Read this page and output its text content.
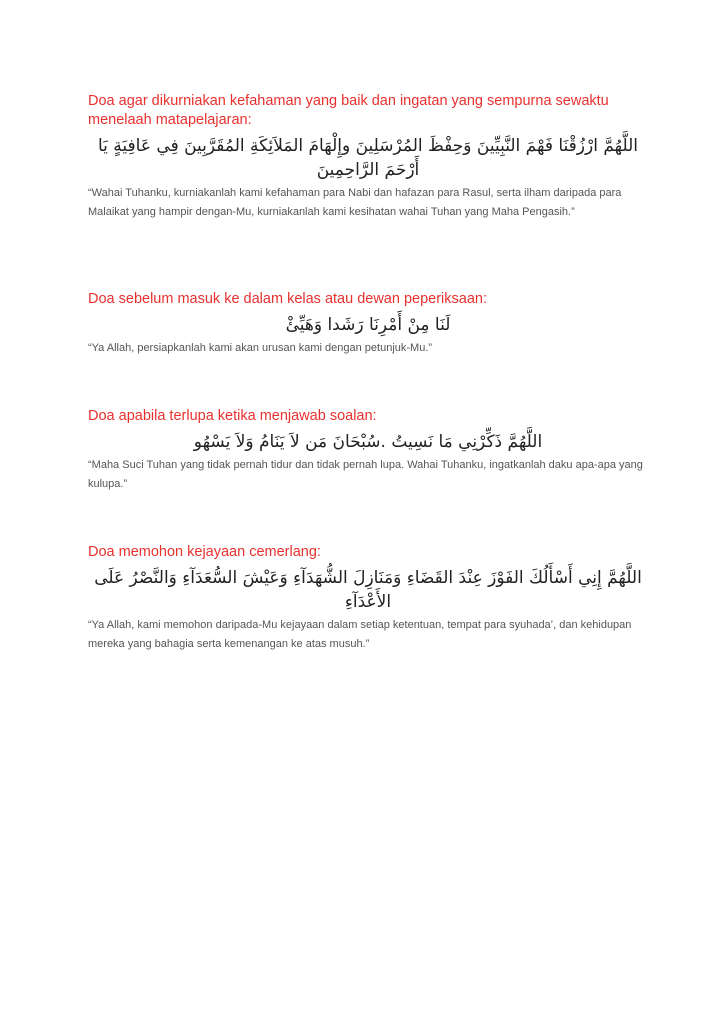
Doa agar dikurniakan kefahaman yang baik dan ingatan yang sempurna sewaktu menelaah matapelajaran:

اللَّهُمَّ ارْزُقْنَا فَهْمَ النَّبِيِّينَ وَحِفْظَ المُرْسَلِينَ وإِلْهَامَ المَلاَئِكَةِ المُقَرَّبِينَ فِي عَافِيَةٍ يَا أَرْحَمَ الرَّاحِمِينَ

“Wahai Tuhanku, kurniakanlah kami kefahaman para Nabi dan hafazan para Rasul, serta ilham daripada para Malaikat yang hampir dengan-Mu, kurniakanlah kami kesihatan wahai Tuhan yang Maha Pengasih.”

Doa sebelum masuk ke dalam kelas atau dewan peperiksaan:

لَنَا مِنْ أَمْرِنَا رَشَدا وَهَيِّئْ

“Ya Allah, persiapkanlah kami akan urusan kami dengan petunjuk-Mu.”

Doa apabila terlupa ketika menjawab soalan:

اللَّهُمَّ ذَكِّرْنِي مَا نَسِيتُ .سُبْحَانَ مَن لاَ يَنَامُ وَلاَ يَسْهُو

“Maha Suci Tuhan yang tidak pernah tidur dan tidak pernah lupa. Wahai Tuhanku, ingatkanlah daku apa-apa yang kulupa.”

Doa memohon kejayaan cemerlang:

اللَّهُمَّ إِنِي أَسْأَلُكَ الفَوْزَ عِنْدَ القَضَاءِ وَمَنَازِلَ الشُّهَدَآءِ وَعَيْشَ السُّعَدَآءِ وَالنَّصْرُ عَلَى الأَعْدَآءِ

“Ya Allah, kami memohon daripada-Mu kejayaan dalam setiap ketentuan, tempat para syuhada’, dan kehidupan mereka yang bahagia serta kemenangan ke atas musuh.”
